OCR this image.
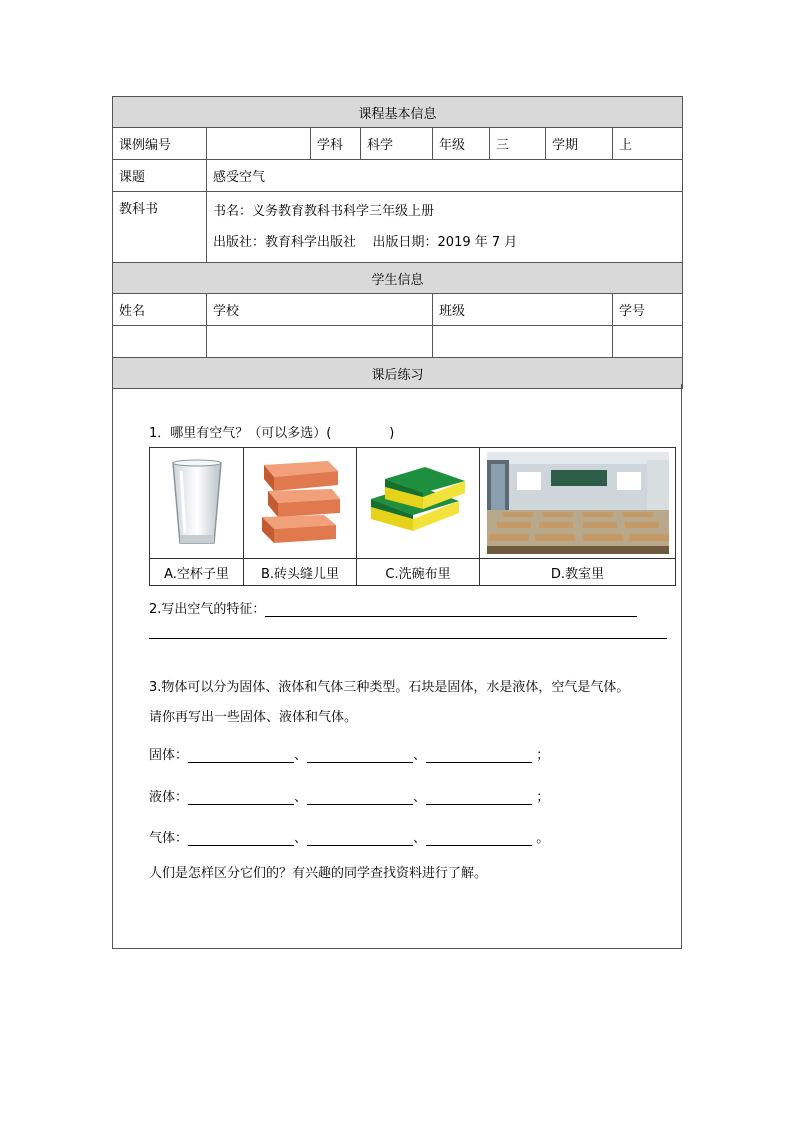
课程基本信息							
课例编号		学科	科学	年级	三	学期	上
课题	感受空气						
教科书	书名：义务教育教科书科学三年级上册
出版社：教育科学出版社    出版日期：2019 年 7 月						

学生信息							
姓名	学校			班级			学号

课后练习							
1．哪里有空气？（可以多选）(              )

A.空杯子里	B.砖头缝儿里	C.洗碗布里	D.教室里
2.写出空气的特征：
3.物体可以分为固体、液体和气体三种类型。石块是固体，水是液体，空气是气体。
请你再写出一些固体、液体和气体。
固体：	、	、	；
液体：	、	、	；
气体：	、	、	。
人们是怎样区分它们的？有兴趣的同学查找资料进行了解。
